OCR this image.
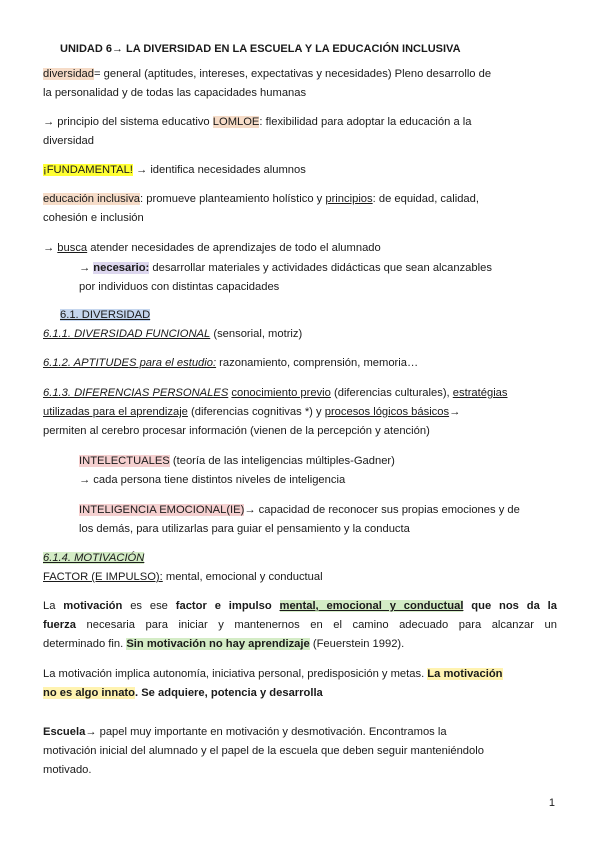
UNIDAD 6→ LA DIVERSIDAD EN LA ESCUELA Y LA EDUCACIÓN INCLUSIVA
diversidad= general (aptitudes, intereses, expectativas y necesidades) Pleno desarrollo de
la personalidad y de todas las capacidades humanas
→ principio del sistema educativo LOMLOE: flexibilidad para adoptar la educación a la
diversidad
¡FUNDAMENTAL! → identifica necesidades alumnos
educación inclusiva: promueve planteamiento holístico y principios: de equidad, calidad,
cohesión e inclusión
→ busca atender necesidades de aprendizajes de todo el alumnado
→ necesario: desarrollar materiales y actividades didácticas que sean alcanzables
por individuos con distintas capacidades
6.1. DIVERSIDAD
6.1.1. DIVERSIDAD FUNCIONAL (sensorial, motriz)
6.1.2. APTITUDES para el estudio: razonamiento, comprensión, memoria…
6.1.3. DIFERENCIAS PERSONALES conocimiento previo (diferencias culturales), estratégias
utilizadas para el aprendizaje (diferencias cognitivas *) y procesos lógicos básicos→
permiten al cerebro procesar información (vienen de la percepción y atención)
INTELECTUALES (teoría de las inteligencias múltiples-Gadner)
→ cada persona tiene distintos niveles de inteligencia
INTELIGENCIA EMOCIONAL(IE)→ capacidad de reconocer sus propias emociones y de
los demás, para utilizarlas para guiar el pensamiento y la conducta
6.1.4. MOTIVACIÓN
FACTOR (E IMPULSO): mental, emocional y conductual
La motivación es ese factor e impulso mental, emocional y conductual que nos da la
fuerza necesaria para iniciar y mantenernos en el camino adecuado para alcanzar un
determinado fin. Sin motivación no hay aprendizaje (Feuerstein 1992).
La motivación implica autonomía, iniciativa personal, predisposición y metas. La motivación
no es algo innato. Se adquiere, potencia y desarrolla
Escuela→ papel muy importante en motivación y desmotivación. Encontramos la
motivación inicial del alumnado y el papel de la escuela que deben seguir manteniéndolo
motivado.
1
